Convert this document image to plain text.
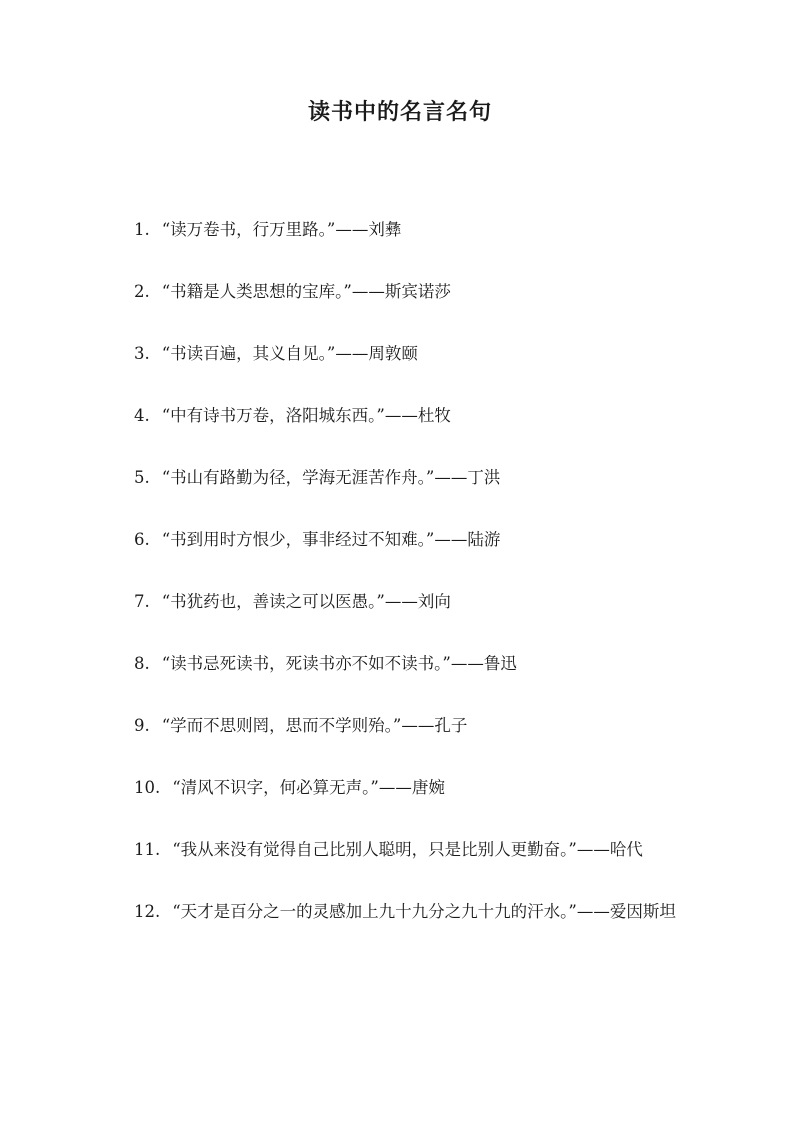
读书中的名言名句
1. “读万卷书，行万里路。”——刘彝
2. “书籍是人类思想的宝库。”——斯宾诺莎
3. “书读百遍，其义自见。”——周敦颐
4. “中有诗书万卷，洛阳城东西。”——杜牧
5. “书山有路勤为径，学海无涯苦作舟。”——丁洪
6. “书到用时方恨少，事非经过不知难。”——陆游
7. “书犹药也，善读之可以医愚。”——刘向
8. “读书忌死读书，死读书亦不如不读书。”——鲁迅
9. “学而不思则罔，思而不学则殆。”——孔子
10. “清风不识字，何必算无声。”——唐婉
11. “我从来没有觉得自己比别人聪明，只是比别人更勤奋。”——哈代
12. “天才是百分之一的灵感加上九十九分之九十九的汗水。”——爱因斯坦
